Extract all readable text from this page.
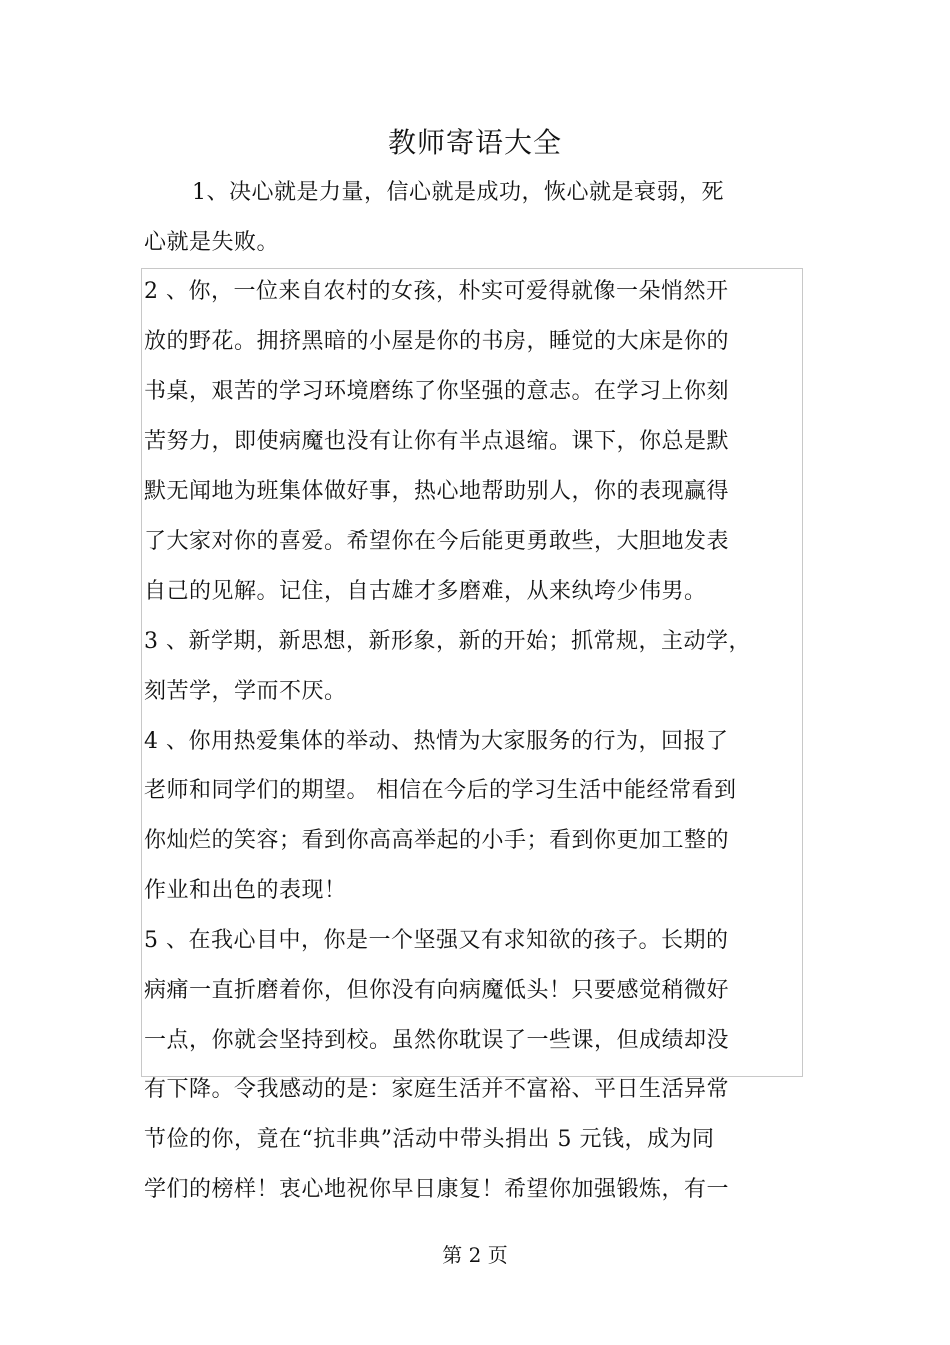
教师寄语大全
1、决心就是力量，信心就是成功，恢心就是衰弱，死
心就是失败。
2 、你，一位来自农村的女孩，朴实可爱得就像一朵悄然开
放的野花。拥挤黑暗的小屋是你的书房，睡觉的大床是你的
书桌，艰苦的学习环境磨练了你坚强的意志。在学习上你刻
苦努力，即使病魔也没有让你有半点退缩。课下，你总是默
默无闻地为班集体做好事，热心地帮助别人，你的表现赢得
了大家对你的喜爱。希望你在今后能更勇敢些，大胆地发表
自己的见解。记住，自古雄才多磨难，从来纨垮少伟男。
3 、新学期，新思想，新形象，新的开始；抓常规，主动学，
刻苦学，学而不厌。
4 、你用热爱集体的举动、热情为大家服务的行为，回报了
老师和同学们的期望。 相信在今后的学习生活中能经常看到
你灿烂的笑容；看到你高高举起的小手；看到你更加工整的
作业和出色的表现！
5 、在我心目中，你是一个坚强又有求知欲的孩子。长期的
病痛一直折磨着你，但你没有向病魔低头！只要感觉稍微好
一点，你就会坚持到校。虽然你耽误了一些课，但成绩却没
有下降。令我感动的是：家庭生活并不富裕、平日生活异常
节俭的你，竟在“抗非典”活动中带头捐出 5 元钱，成为同
学们的榜样！衷心地祝你早日康复！希望你加强锻炼，有一
第 2 页
